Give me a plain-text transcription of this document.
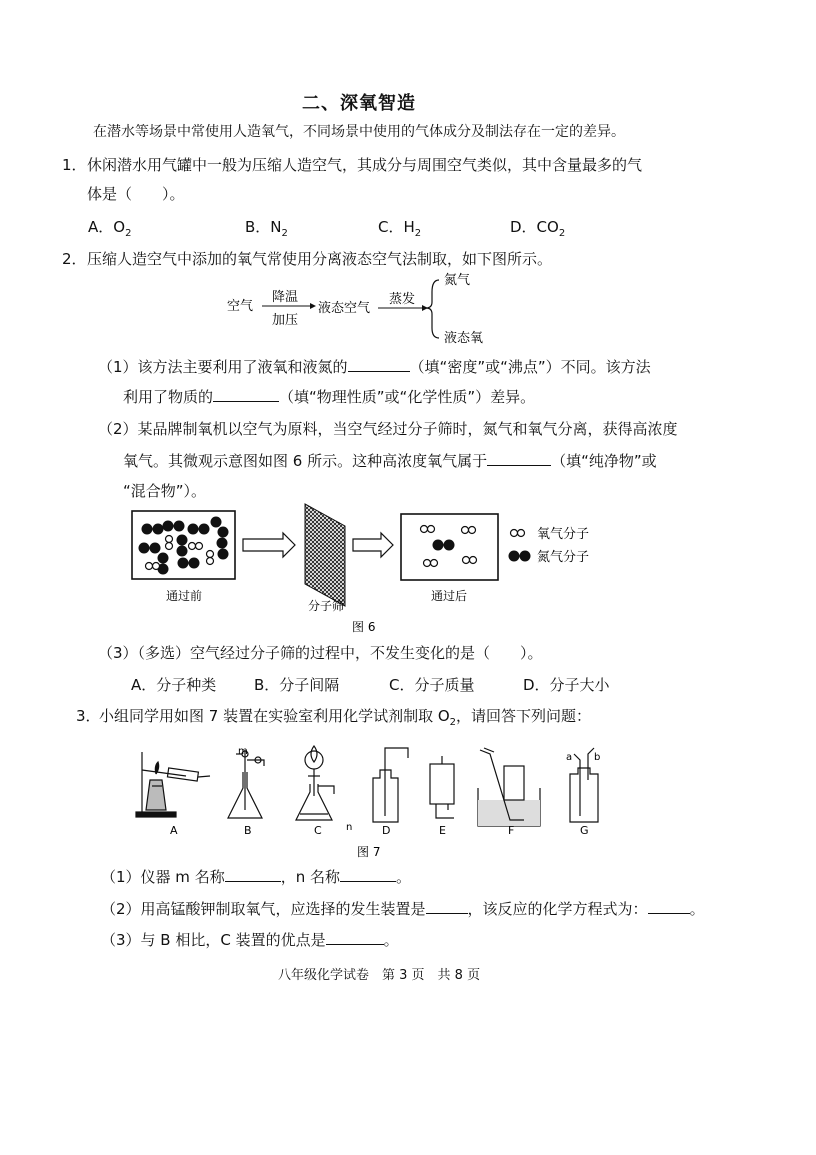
二、深氧智造
在潜水等场景中常使用人造氧气，不同场景中使用的气体成分及制法存在一定的差异。
1． 休闲潜水用气罐中一般为压缩人造空气，其成分与周围空气类似，其中含量最多的气
体是（　　）。
A．$O_2$	B．$N_2$	C．$H_2$	D．$CO_2$
2． 压缩人造空气中添加的氧气常使用分离液态空气法制取，如下图所示。
空气
降温
加压
液态空气
蒸发
氮气
液态氧
（1）该方法主要利用了液氧和液氮的	（填“密度”或“沸点”）不同。该方法
利用了物质的	（填“物理性质”或“化学性质”）差异。
（2）某品牌制氧机以空气为原料，当空气经过分子筛时，氮气和氧气分离，获得高浓度
氧气。其微观示意图如图 6 所示。这种高浓度氧气属于	（填“纯净物”或
“混合物”）。
氧气分子
氮气分子
通过前
分子筛
通过后
图 6
（3）（多选）空气经过分子筛的过程中，不发生变化的是（　　）。
A．分子种类	B．分子间隔	C．分子质量	D．分子大小
3．
小组同学用如图 7 装置在实验室利用化学试剂制取 $O_2$，请回答下列问题：
m
n
a b
A	B	C	D	E	F	G
图 7
（1）仪器 m 名称	，n 名称	。
（2）用高锰酸钾制取氧气，应选择的发生装置是	，该反应的化学方程式为：	。
（3）与 B 相比，C 装置的优点是	。
八年级化学试卷　第 3 页　共 8 页
